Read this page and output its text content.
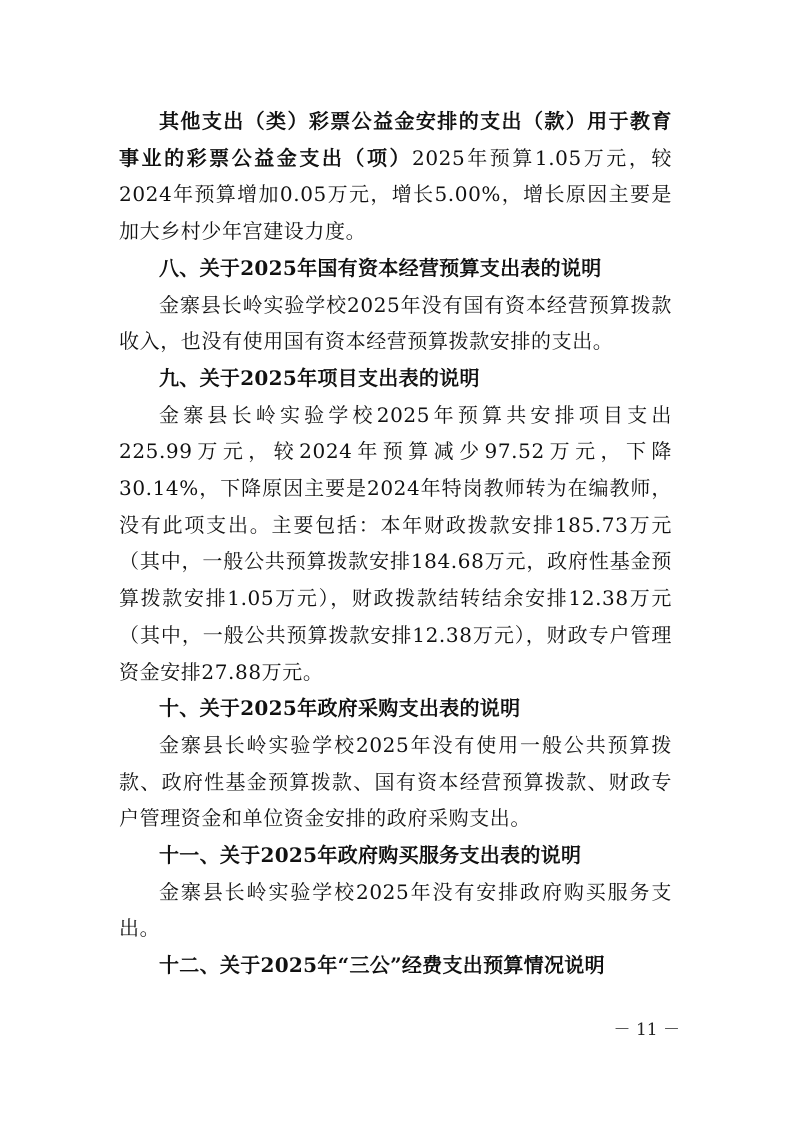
其他支出（类）彩票公益金安排的支出（款）用于教育事业的彩票公益金支出（项）2025年预算1.05万元，较2024年预算增加0.05万元，增长5.00%，增长原因主要是加大乡村少年宫建设力度。

八、关于2025年国有资本经营预算支出表的说明

金寨县长岭实验学校2025年没有国有资本经营预算拨款收入，也没有使用国有资本经营预算拨款安排的支出。

九、关于2025年项目支出表的说明

金寨县长岭实验学校2025年预算共安排项目支出225.99万元，较2024年预算减少97.52万元，下降30.14%，下降原因主要是2024年特岗教师转为在编教师，没有此项支出。主要包括：本年财政拨款安排185.73万元（其中，一般公共预算拨款安排184.68万元，政府性基金预算拨款安排1.05万元），财政拨款结转结余安排12.38万元（其中，一般公共预算拨款安排12.38万元），财政专户管理资金安排27.88万元。

十、关于2025年政府采购支出表的说明

金寨县长岭实验学校2025年没有使用一般公共预算拨款、政府性基金预算拨款、国有资本经营预算拨款、财政专户管理资金和单位资金安排的政府采购支出。

十一、关于2025年政府购买服务支出表的说明

金寨县长岭实验学校2025年没有安排政府购买服务支出。

十二、关于2025年“三公”经费支出预算情况说明

－ 11 －
